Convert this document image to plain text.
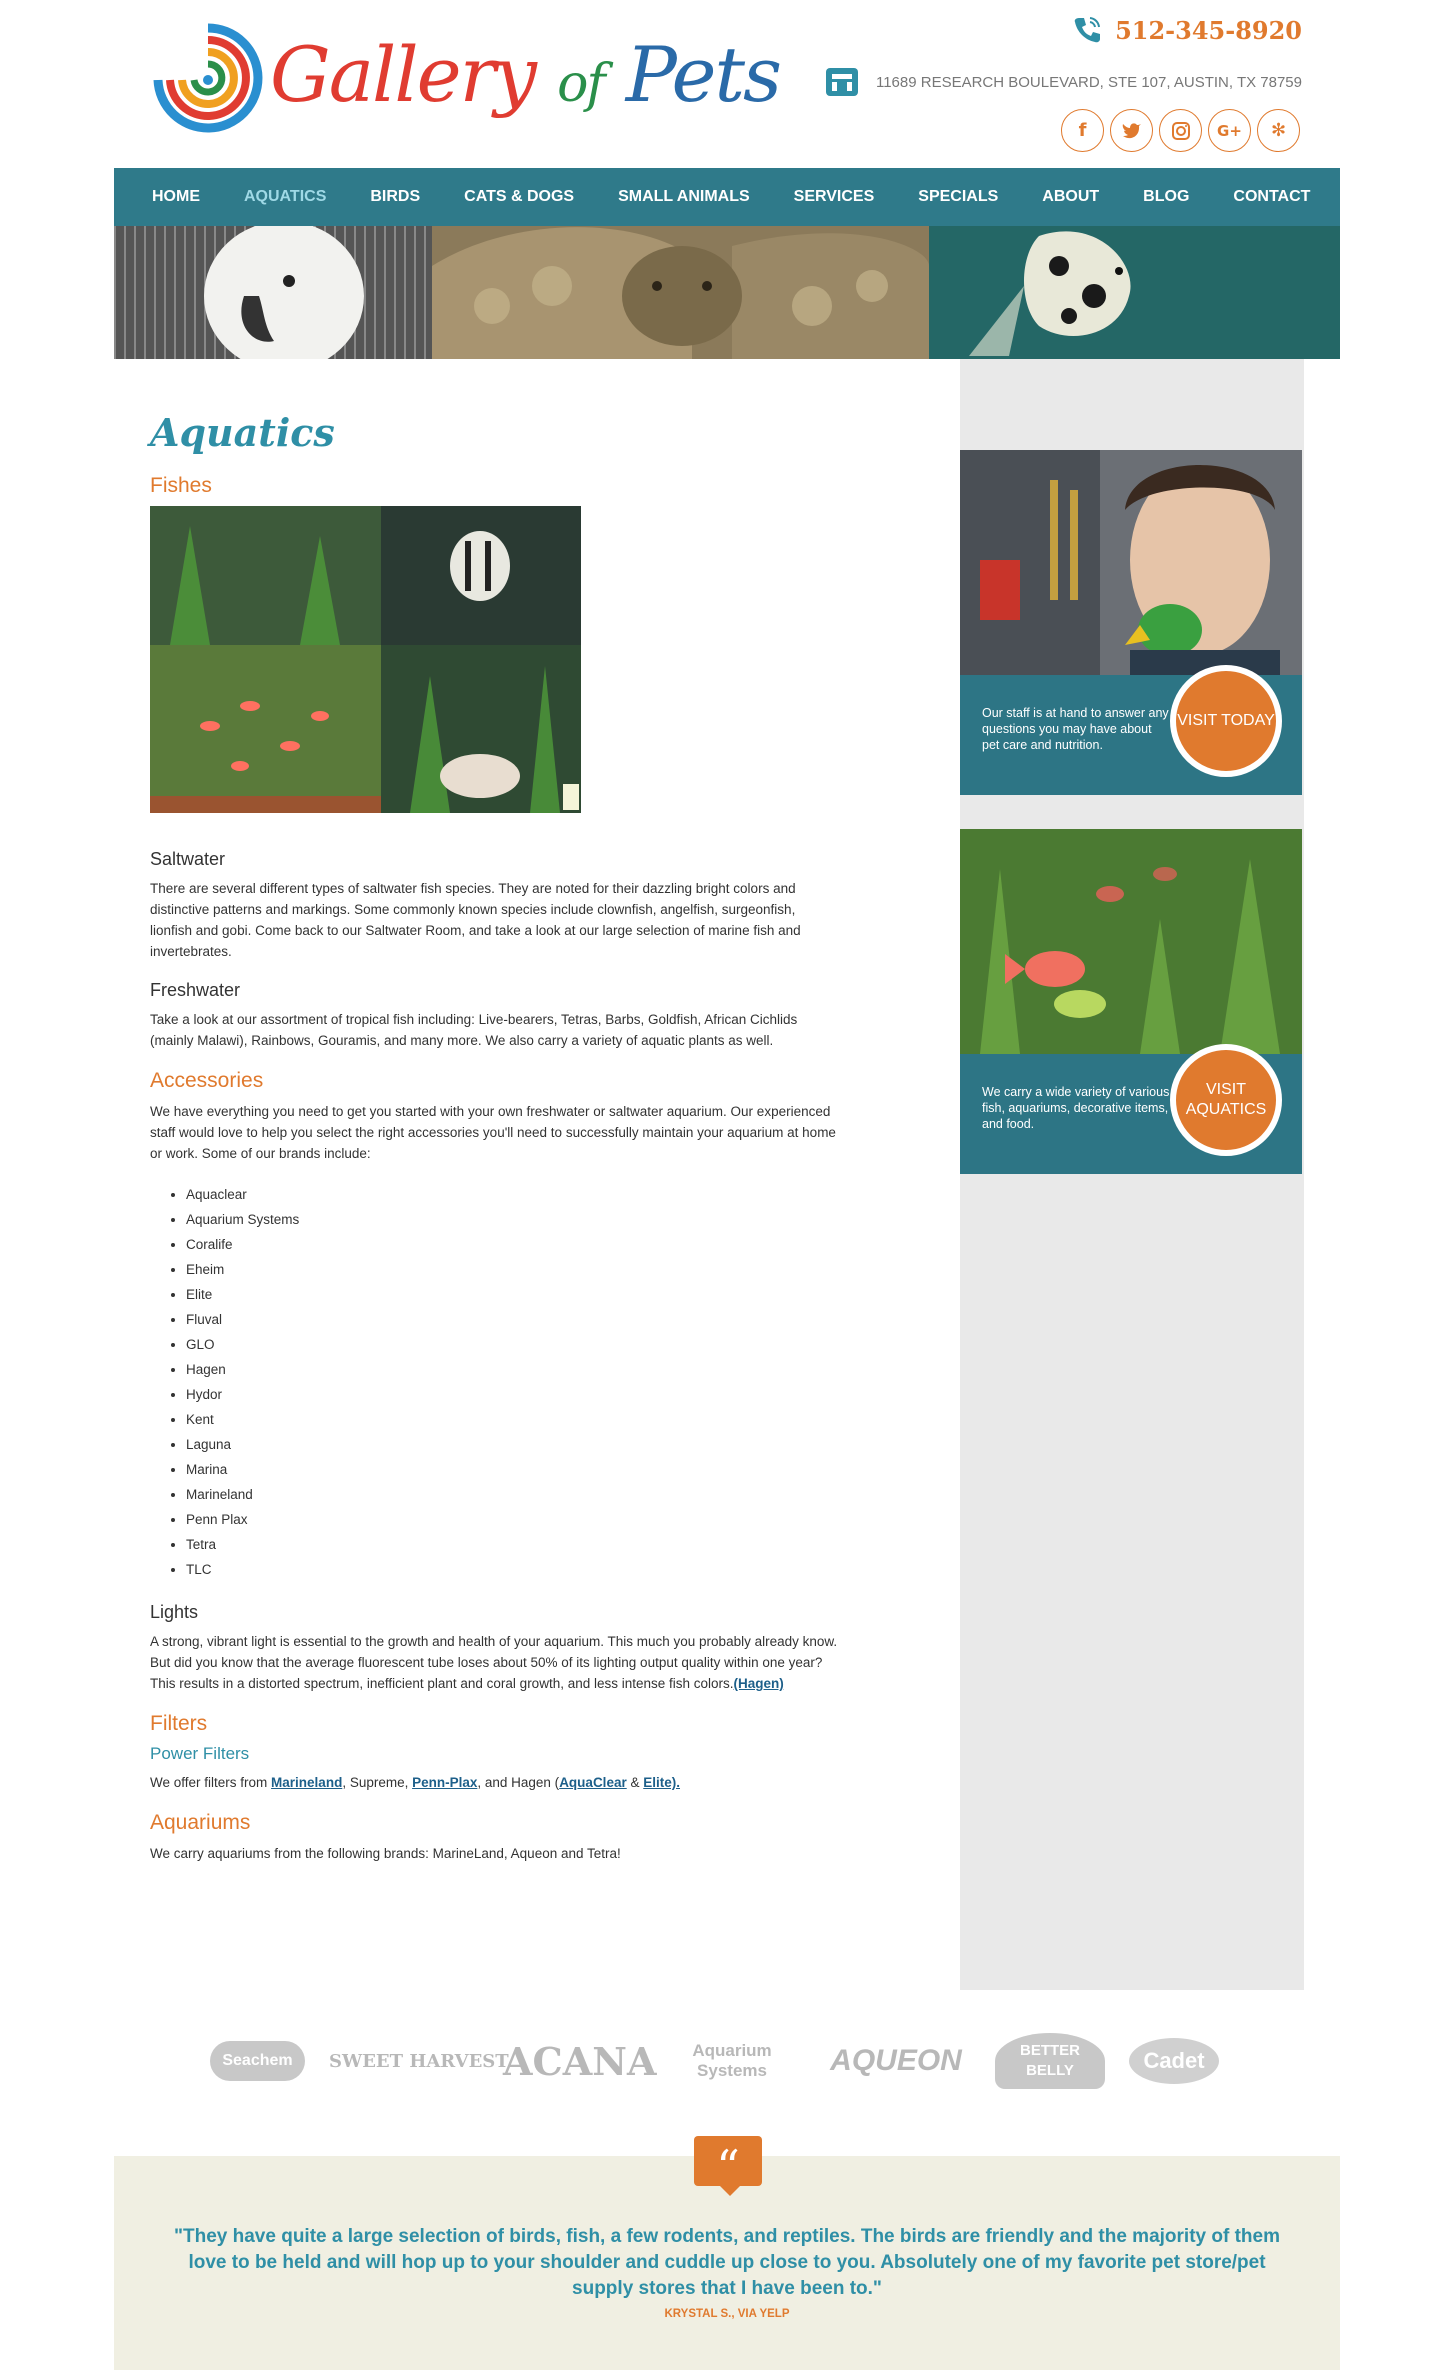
Gallery of Pets	512-345-8920
11689 RESEARCH BOULEVARD, STE 107, AUSTIN, TX 78759
f	G+	✻
HOME	AQUATICS	BIRDS	CATS & DOGS	SMALL ANIMALS	SERVICES	SPECIALS	ABOUT	BLOG	CONTACT
Aquatics
Fishes
Saltwater

There are several different types of saltwater fish species. They are noted for their dazzling bright colors and distinctive patterns and markings. Some commonly known species include clownfish, angelfish, surgeonfish, lionfish and gobi. Come back to our Saltwater Room, and take a look at our large selection of marine fish and invertebrates.

Freshwater

Take a look at our assortment of tropical fish including: Live-bearers, Tetras, Barbs, Goldfish, African Cichlids (mainly Malawi), Rainbows, Gouramis, and many more. We also carry a variety of aquatic plants as well.

Accessories

We have everything you need to get you started with your own freshwater or saltwater aquarium. Our experienced staff would love to help you select the right accessories you'll need to successfully maintain your aquarium at home or work. Some of our brands include:

• Aquaclear
• Aquarium Systems
• Coralife
• Eheim
• Elite
• Fluval
• GLO
• Hagen
• Hydor
• Kent
• Laguna
• Marina
• Marineland
• Penn Plax
• Tetra
• TLC
Lights

A strong, vibrant light is essential to the growth and health of your aquarium. This much you probably already know. But did you know that the average fluorescent tube loses about 50% of its lighting output quality within one year? This results in a distorted spectrum, inefficient plant and coral growth, and less intense fish colors.(Hagen)

Filters
Power Filters

We offer filters from Marineland, Supreme, Penn-Plax, and Hagen (AquaClear & Elite).

Aquariums

We carry aquariums from the following brands: MarineLand, Aqueon and Tetra!

Our staff is at hand to answer any questions you may have about pet care and nutrition.

VISIT TODAY

We carry a wide variety of various fish, aquariums, decorative items, and food.

VISIT AQUATICS
Seachem	SWEET HARVEST
ACANA	Aquarium Systems	AQUEON	BETTER BELLY	Cadet
“

"They have quite a large selection of birds, fish, a few rodents, and reptiles. The birds are friendly and the majority of them love to be held and will hop up to your shoulder and cuddle up close to you. Absolutely one of my favorite pet store/pet supply stores that I have been to."

KRYSTAL S., VIA YELP
